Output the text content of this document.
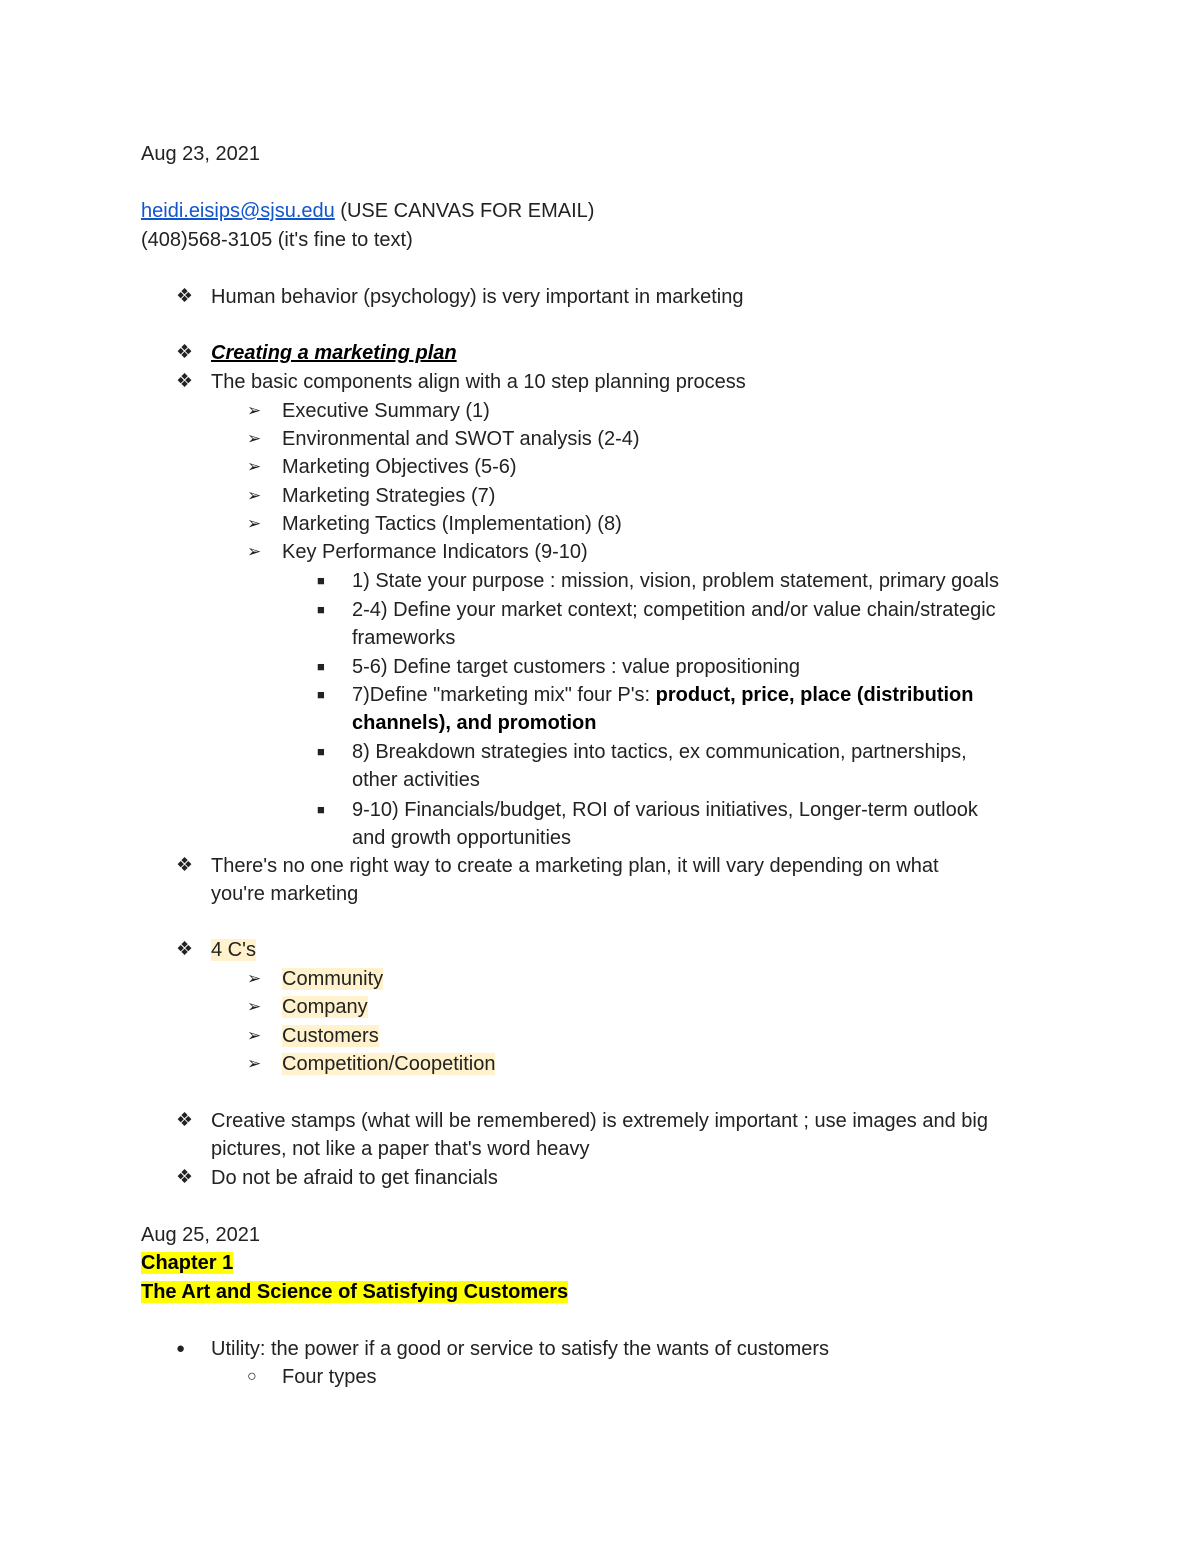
Aug 23, 2021
heidi.eisips@sjsu.edu (USE CANVAS FOR EMAIL)
(408)568-3105 (it's fine to text)
❖ Human behavior (psychology) is very important in marketing
❖ Creating a marketing plan
❖ The basic components align with a 10 step planning process
➢ Executive Summary (1)
➢ Environmental and SWOT analysis (2-4)
➢ Marketing Objectives (5-6)
➢ Marketing Strategies (7)
➢ Marketing Tactics (Implementation) (8)
➢ Key Performance Indicators (9-10)
■ 1) State your purpose : mission, vision, problem statement, primary goals
■ 2-4) Define your market context; competition and/or value chain/strategic
frameworks
■ 5-6) Define target customers : value propositioning
■ 7)Define "marketing mix" four P's: product, price, place (distribution
channels), and promotion
■ 8) Breakdown strategies into tactics, ex communication, partnerships,
other activities
■ 9-10) Financials/budget, ROI of various initiatives, Longer-term outlook
and growth opportunities
❖ There's no one right way to create a marketing plan, it will vary depending on what
you're marketing
❖ 4 C's
➢ Community
➢ Company
➢ Customers
➢ Competition/Coopetition
❖ Creative stamps (what will be remembered) is extremely important ; use images and big
pictures, not like a paper that's word heavy
❖ Do not be afraid to get financials
Aug 25, 2021
Chapter 1
The Art and Science of Satisfying Customers
● Utility: the power if a good or service to satisfy the wants of customers
○ Four types
